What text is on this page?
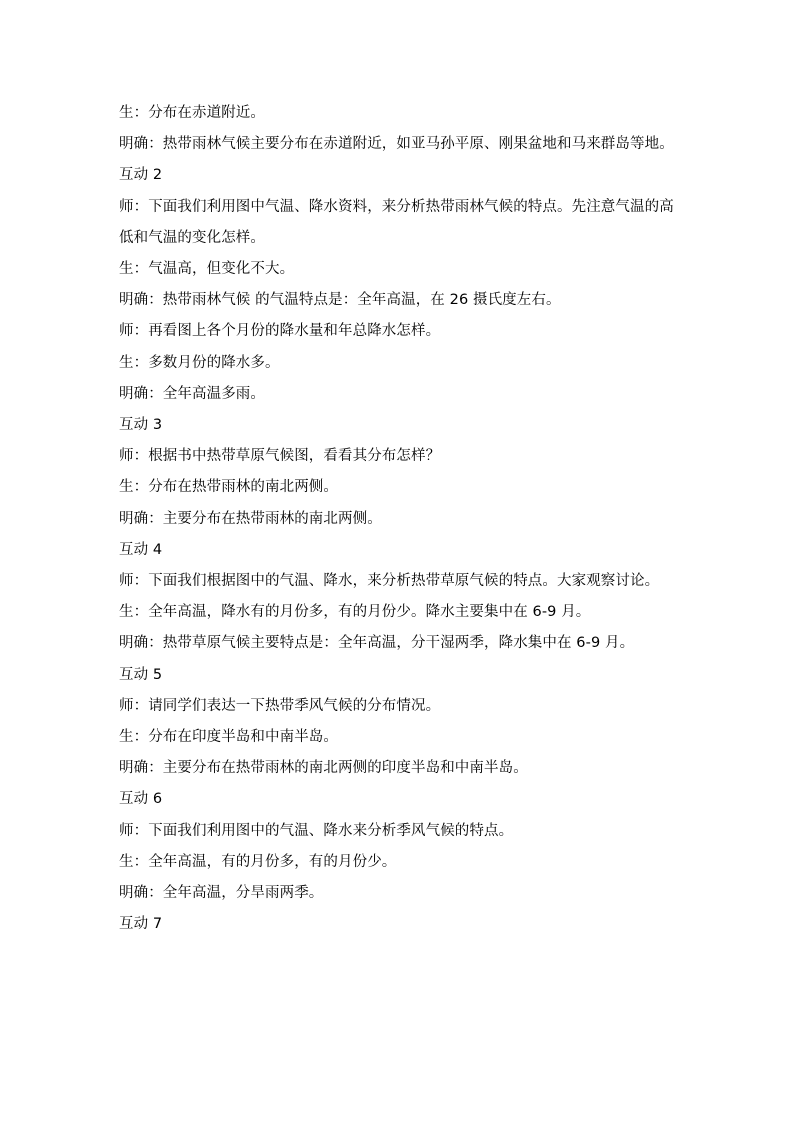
生：分布在赤道附近。
明确：热带雨林气候主要分布在赤道附近，如亚马孙平原、刚果盆地和马来群岛等地。
互动 2
师：下面我们利用图中气温、降水资料，来分析热带雨林气候的特点。先注意气温的高低和气温的变化怎样。
生：气温高，但变化不大。
明确：热带雨林气候 的气温特点是：全年高温，在 26 摄氏度左右。
师：再看图上各个月份的降水量和年总降水怎样。
生：多数月份的降水多。
明确：全年高温多雨。
互动 3
师：根据书中热带草原气候图，看看其分布怎样？
生：分布在热带雨林的南北两侧。
明确：主要分布在热带雨林的南北两侧。
互动 4
师：下面我们根据图中的气温、降水，来分析热带草原气候的特点。大家观察讨论。
生：全年高温，降水有的月份多，有的月份少。降水主要集中在 6-9 月。
明确：热带草原气候主要特点是：全年高温，分干湿两季，降水集中在 6-9 月。
互动 5
师：请同学们表达一下热带季风气候的分布情况。
生：分布在印度半岛和中南半岛。
明确：主要分布在热带雨林的南北两侧的印度半岛和中南半岛。
互动 6
师：下面我们利用图中的气温、降水来分析季风气候的特点。
生：全年高温，有的月份多，有的月份少。
明确：全年高温，分旱雨两季。
互动 7
